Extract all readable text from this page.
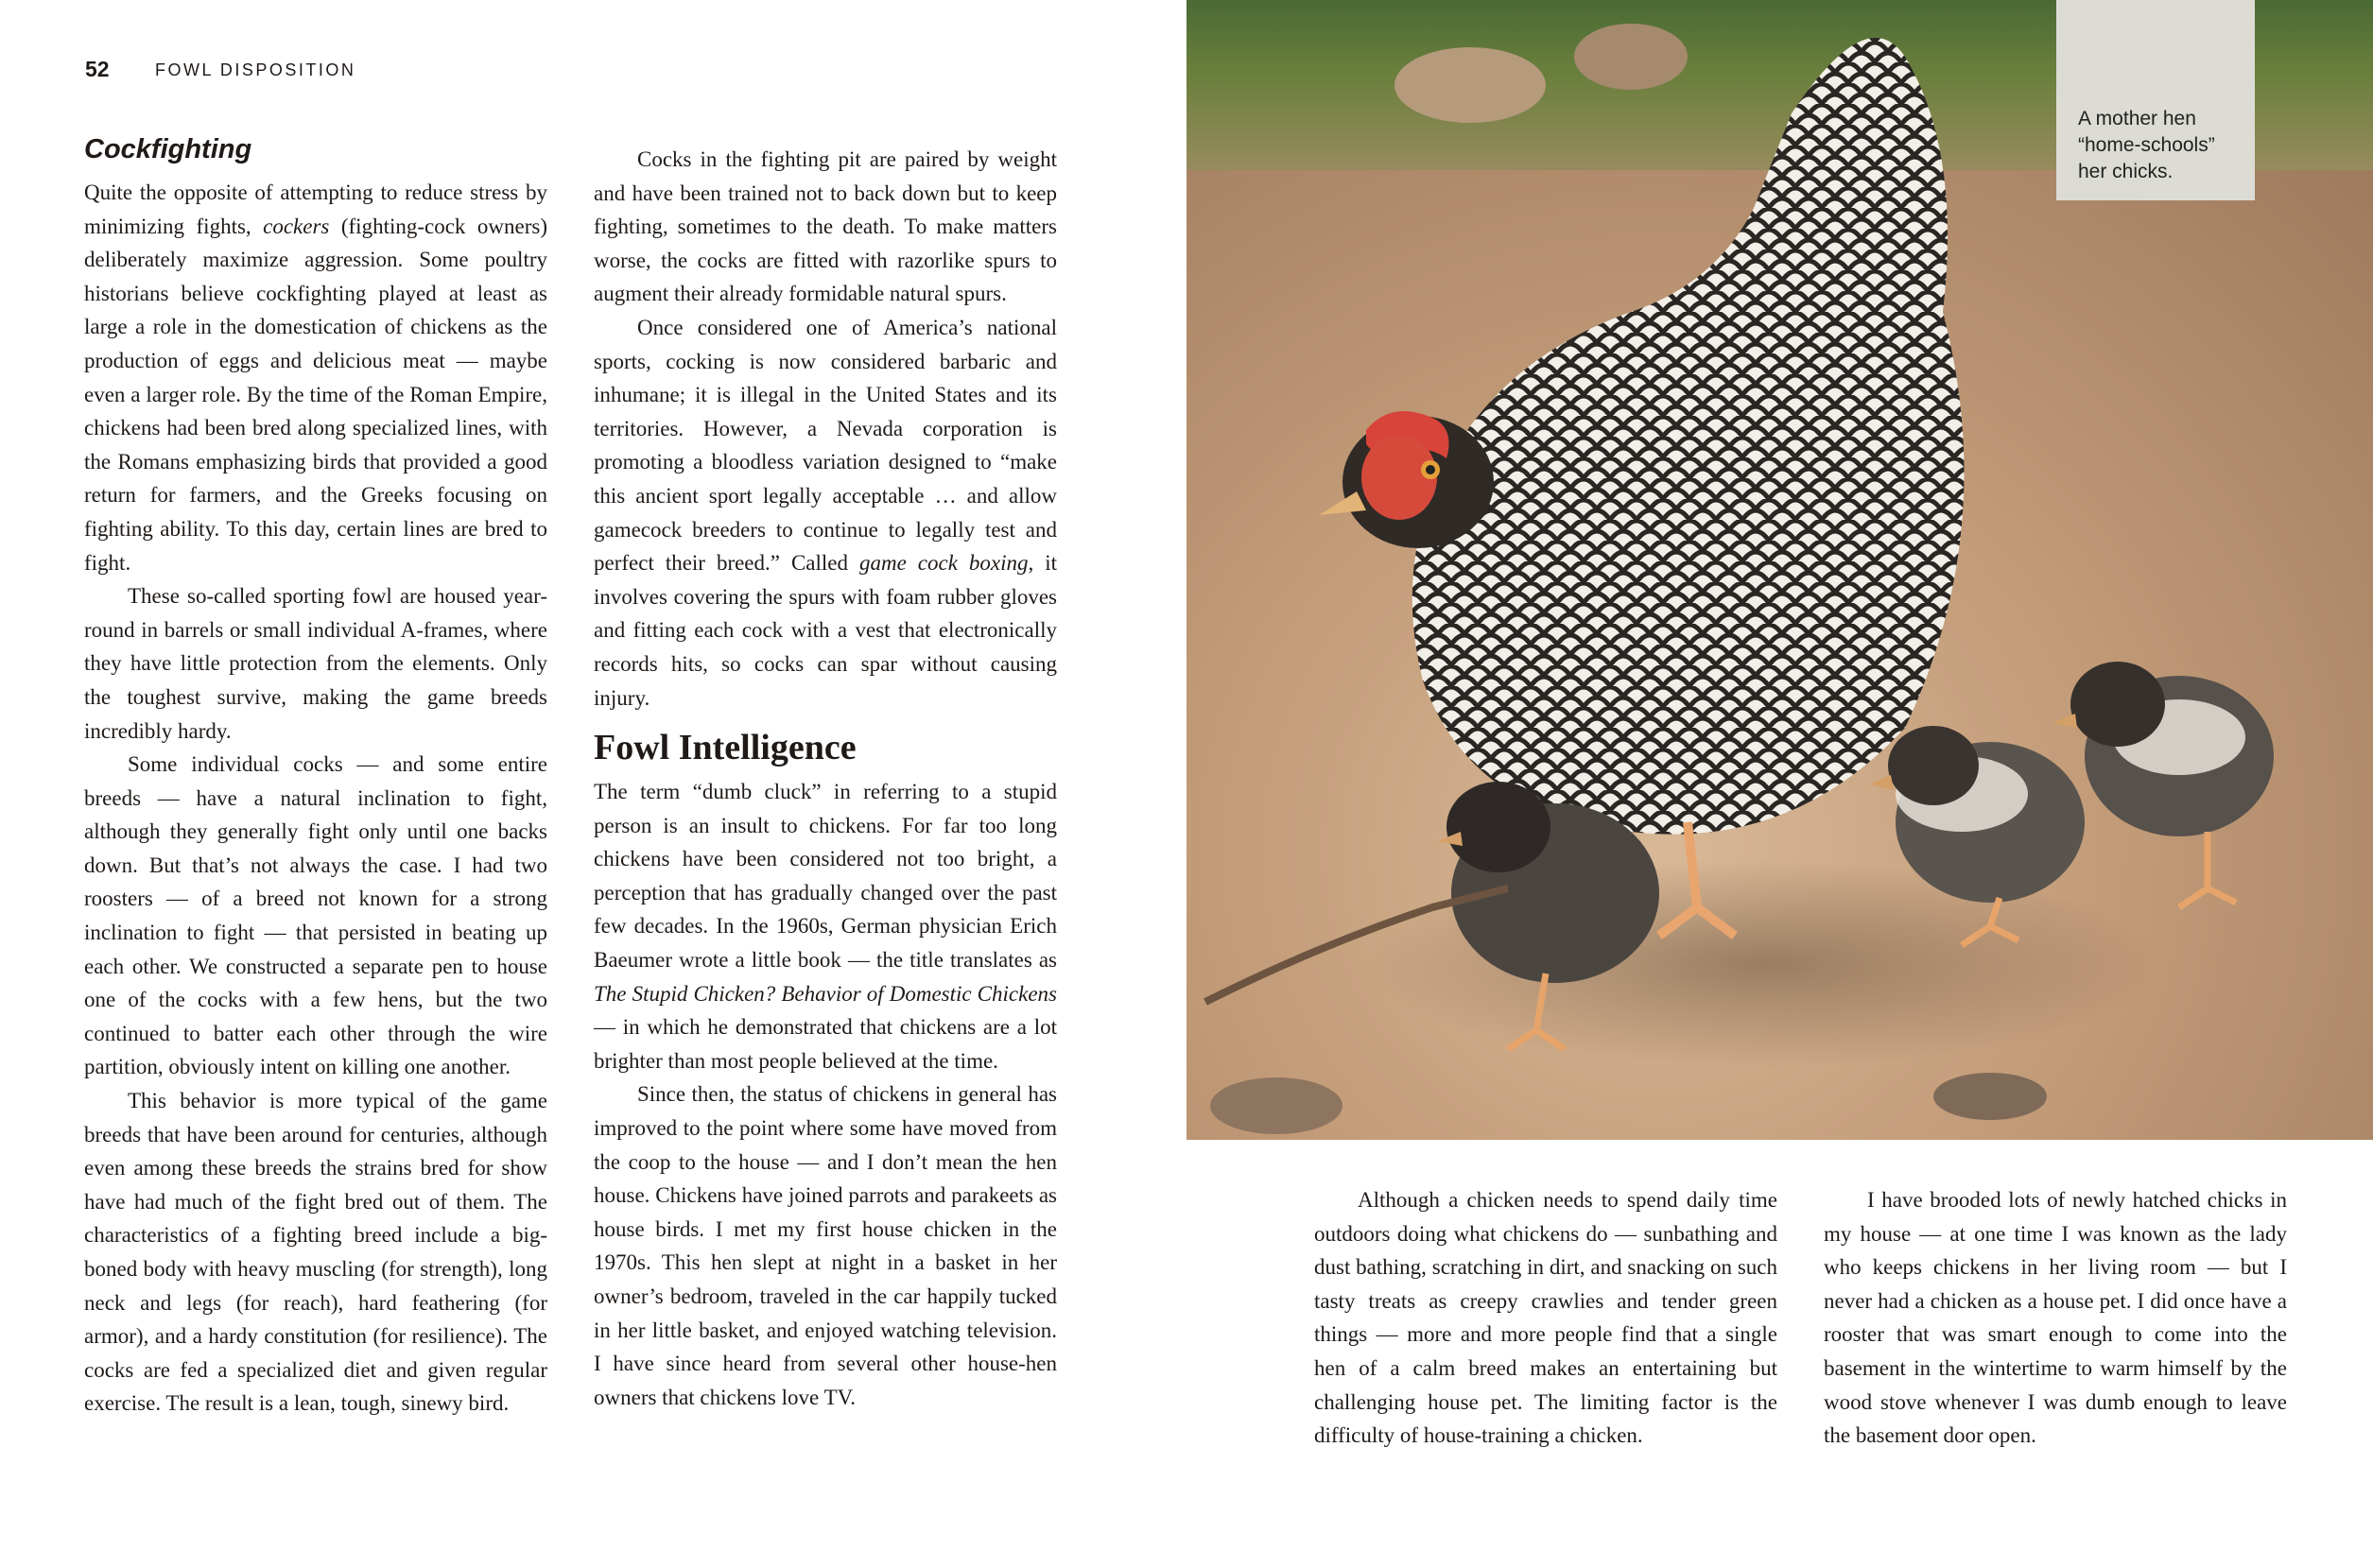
52	FOWL DISPOSITION
Cockfighting

Quite the opposite of attempting to reduce stress by minimizing fights, cockers (fighting-cock owners) deliberately maximize aggression. Some poultry historians believe cockfighting played at least as large a role in the domestication of chickens as the production of eggs and delicious meat — maybe even a larger role. By the time of the Roman Empire, chickens had been bred along specialized lines, with the Romans emphasizing birds that provided a good return for farmers, and the Greeks focusing on fighting ability. To this day, certain lines are bred to fight.

These so-called sporting fowl are housed year-round in barrels or small individual A-frames, where they have little protection from the elements. Only the toughest survive, making the game breeds incredibly hardy.

Some individual cocks — and some entire breeds — have a natural inclination to fight, although they generally fight only until one backs down. But that’s not always the case. I had two roosters — of a breed not known for a strong inclination to fight — that persisted in beating up each other. We constructed a separate pen to house one of the cocks with a few hens, but the two continued to batter each other through the wire partition, obviously intent on killing one another.

This behavior is more typical of the game breeds that have been around for centuries, although even among these breeds the strains bred for show have had much of the fight bred out of them. The characteristics of a fighting breed include a big-boned body with heavy muscling (for strength), long neck and legs (for reach), hard feathering (for armor), and a hardy constitution (for resilience). The cocks are fed a specialized diet and given regular exercise. The result is a lean, tough, sinewy bird.

Cocks in the fighting pit are paired by weight and have been trained not to back down but to keep fighting, sometimes to the death. To make matters worse, the cocks are fitted with razorlike spurs to augment their already formidable natural spurs.

Once considered one of America’s national sports, cocking is now considered barbaric and inhumane; it is illegal in the United States and its territories. However, a Nevada corporation is promoting a bloodless variation designed to “make this ancient sport legally acceptable … and allow gamecock breeders to continue to legally test and perfect their breed.” Called game cock boxing, it involves covering the spurs with foam rubber gloves and fitting each cock with a vest that electronically records hits, so cocks can spar without causing injury.

Fowl Intelligence

The term “dumb cluck” in referring to a stupid person is an insult to chickens. For far too long chickens have been considered not too bright, a perception that has gradually changed over the past few decades. In the 1960s, German physician Erich Baeumer wrote a little book — the title translates as The Stupid Chicken? Behavior of Domestic Chickens — in which he demonstrated that chickens are a lot brighter than most people believed at the time.

Since then, the status of chickens in general has improved to the point where some have moved from the coop to the house — and I don’t mean the hen house. Chickens have joined parrots and parakeets as house birds. I met my first house chicken in the 1970s. This hen slept at night in a basket in her owner’s bedroom, traveled in the car happily tucked in her little basket, and enjoyed watching television. I have since heard from several other house-hen owners that chickens love TV.

A mother hen “home-schools” her chicks.

Although a chicken needs to spend daily time outdoors doing what chickens do — sunbathing and dust bathing, scratching in dirt, and snacking on such tasty treats as creepy crawlies and tender green things — more and more people find that a single hen of a calm breed makes an entertaining but challenging house pet. The limiting factor is the difficulty of house-training a chicken.

I have brooded lots of newly hatched chicks in my house — at one time I was known as the lady who keeps chickens in her living room — but I never had a chicken as a house pet. I did once have a rooster that was smart enough to come into the basement in the wintertime to warm himself by the wood stove whenever I was dumb enough to leave the basement door open.
